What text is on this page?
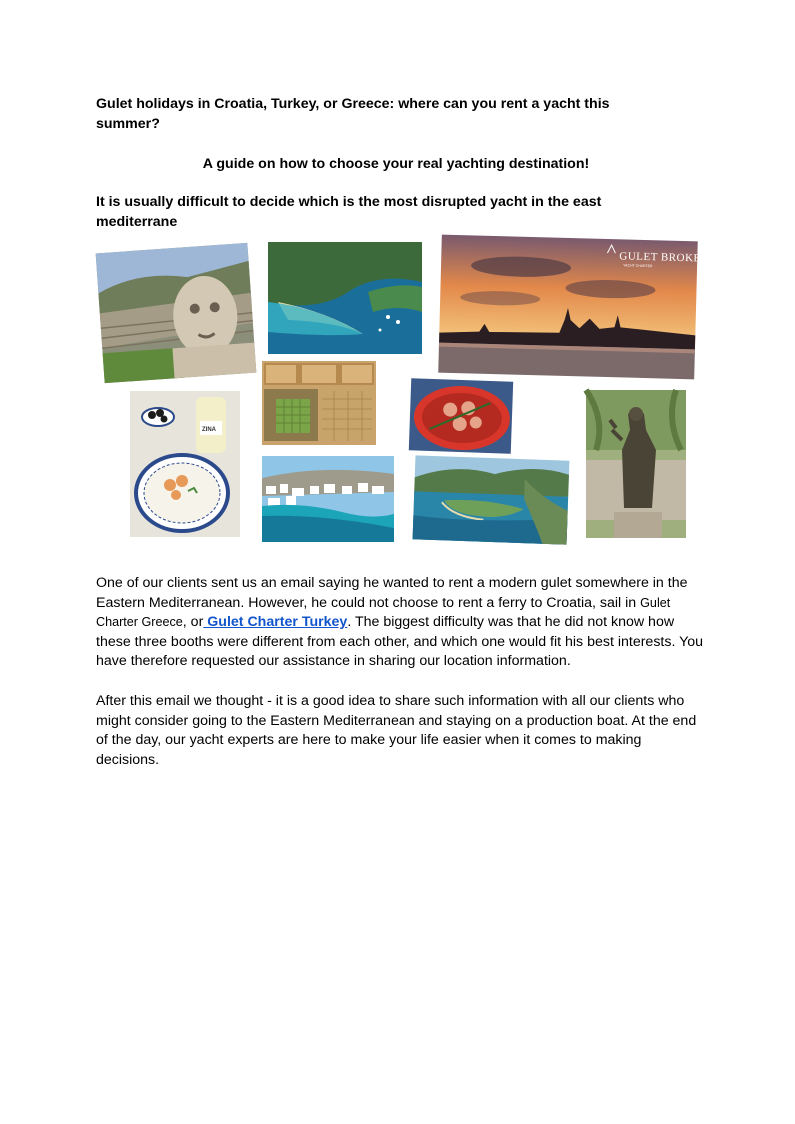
Gulet holidays in Croatia, Turkey, or Greece: where can you rent a yacht this summer?
A guide on how to choose your real yachting destination!
It is usually difficult to decide which is the most disrupted yacht in the east mediterrane
GULET BROKER
YACHT CHARTER
ZINA
One of our clients sent us an email saying he wanted to rent a modern gulet somewhere in the Eastern Mediterranean. However, he could not choose to rent a ferry to Croatia, sail in Gulet Charter Greece, or Gulet Charter Turkey. The biggest difficulty was that he did not know how these three booths were different from each other, and which one would fit his best interests. You have therefore requested our assistance in sharing our location information.
After this email we thought - it is a good idea to share such information with all our clients who might consider going to the Eastern Mediterranean and staying on a production boat. At the end of the day, our yacht experts are here to make your life easier when it comes to making decisions.
